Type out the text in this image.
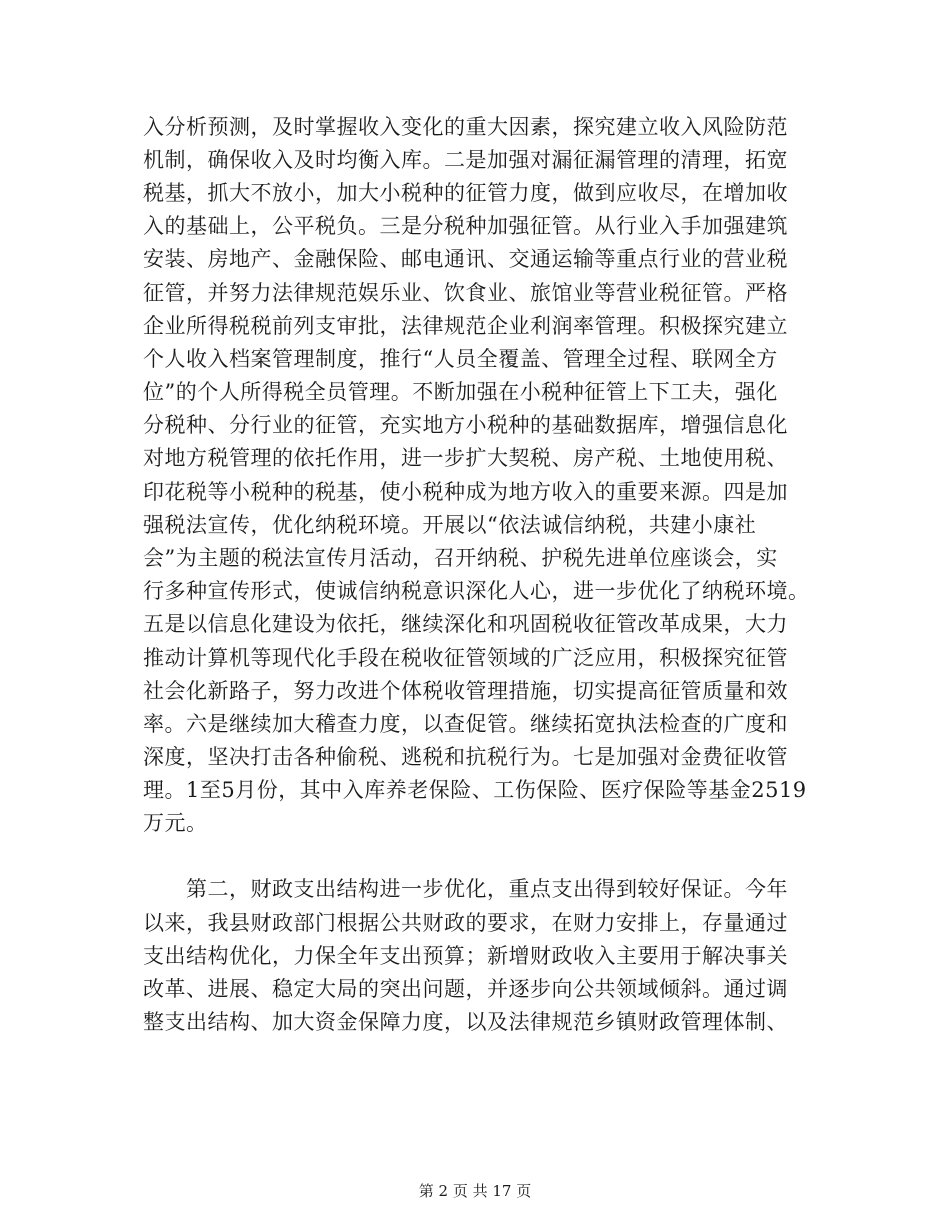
入分析预测，及时掌握收入变化的重大因素，探究建立收入风险防范
机制，确保收入及时均衡入库。二是加强对漏征漏管理的清理，拓宽
税基，抓大不放小，加大小税种的征管力度，做到应收尽，在增加收
入的基础上，公平税负。三是分税种加强征管。从行业入手加强建筑
安装、房地产、金融保险、邮电通讯、交通运输等重点行业的营业税
征管，并努力法律规范娱乐业、饮食业、旅馆业等营业税征管。严格
企业所得税税前列支审批，法律规范企业利润率管理。积极探究建立
个人收入档案管理制度，推行“人员全覆盖、管理全过程、联网全方
位”的个人所得税全员管理。不断加强在小税种征管上下工夫，强化
分税种、分行业的征管，充实地方小税种的基础数据库，增强信息化
对地方税管理的依托作用，进一步扩大契税、房产税、土地使用税、
印花税等小税种的税基，使小税种成为地方收入的重要来源。四是加
强税法宣传，优化纳税环境。开展以“依法诚信纳税，共建小康社
会”为主题的税法宣传月活动，召开纳税、护税先进单位座谈会，实
行多种宣传形式，使诚信纳税意识深化人心，进一步优化了纳税环境。
五是以信息化建设为依托，继续深化和巩固税收征管改革成果，大力
推动计算机等现代化手段在税收征管领域的广泛应用，积极探究征管
社会化新路子，努力改进个体税收管理措施，切实提高征管质量和效
率。六是继续加大稽查力度，以查促管。继续拓宽执法检查的广度和
深度，坚决打击各种偷税、逃税和抗税行为。七是加强对金费征收管
理。1至5月份，其中入库养老保险、工伤保险、医疗保险等基金2519
万元。
　　第二，财政支出结构进一步优化，重点支出得到较好保证。今年
以来，我县财政部门根据公共财政的要求，在财力安排上，存量通过
支出结构优化，力保全年支出预算；新增财政收入主要用于解决事关
改革、进展、稳定大局的突出问题，并逐步向公共领域倾斜。通过调
整支出结构、加大资金保障力度，以及法律规范乡镇财政管理体制、
第 2 页 共 17 页
